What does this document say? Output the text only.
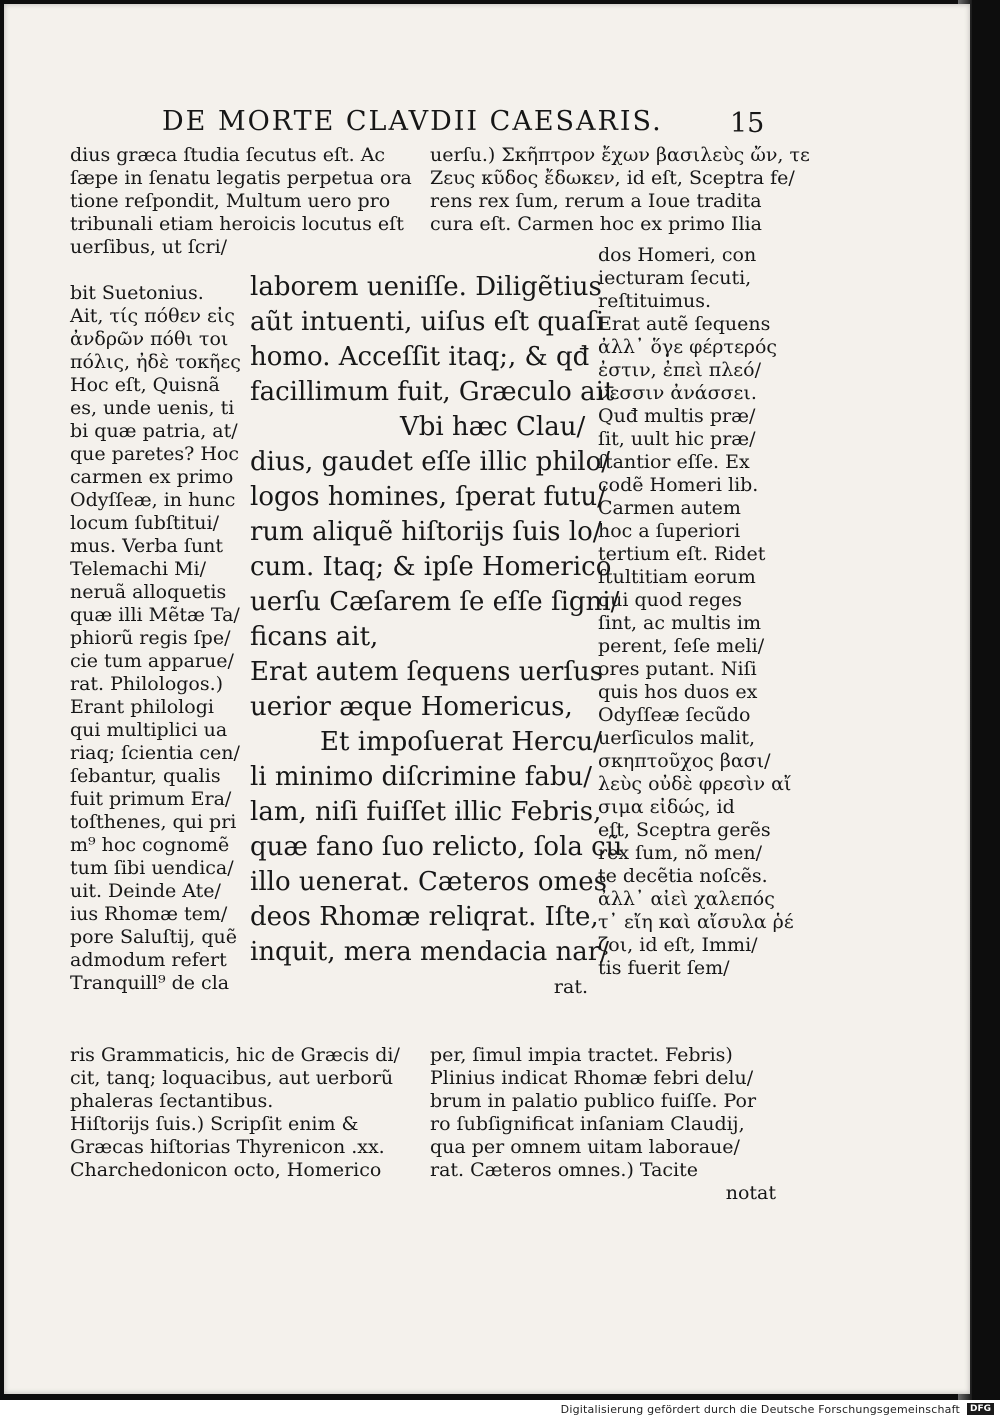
DE MORTE CLAVDII CAESARIS.	15
dius græca ſtudia ſecutus eſt. Ac
ſæpe in ſenatu legatis perpetua ora
tione reſpondit, Multum uero pro
tribunali etiam heroicis locutus eſt
uerſibus, ut ſcri/
uerſu.) Σκῆπτρον ἔχων βασιλεὺς ὤν, τε
Ζευς κῦδος ἔδωκεν, id eſt, Sceptra fe/
rens rex ſum, rerum a Ioue tradita
cura eſt. Carmen hoc ex primo Ilia
bit Suetonius.
Ait, τίς πόθεν εἰς
ἀνδρῶν πόθι τοι
πόλις, ἠδὲ τοκῆες
Hoc eſt, Quisnã
es, unde uenis, ti
bi quæ patria, at/
que paretes? Hoc
carmen ex primo
Odyſſeæ, in hunc
locum ſubſtitui/
mus. Verba ſunt
Telemachi Mi/
neruã alloquetis
quæ illi Mẽtæ Ta/
phiorũ regis ſpe/
cie tum apparue/
rat. Philologos.)
Erant philologi
qui multiplici ua
riaq; ſcientia cen/
ſebantur, qualis
fuit primum Era/
toſthenes, qui pri
m⁹ hoc cognomẽ
tum ſibi uendica/
uit. Deinde Ate/
ius Rhomæ tem/
pore Saluſtij, quẽ
admodum refert
Tranquill⁹ de cla
laborem ueniſſe. Diligẽtius
aũt intuenti, uiſus eſt quaſi
homo. Acceſſit itaq;, & qđ
facillimum fuit, Græculo ait
Vbi hæc Clau/
dius, gaudet eſſe illic philo/
logos homines, ſperat futu/
rum aliquẽ hiſtorijs ſuis lo/
cum. Itaq; & ipſe Homerico
uerſu Cæſarem ſe eſſe ſigni/
ficans ait,
Erat autem ſequens uerſus
uerior æque Homericus,
Et impoſuerat Hercu/
li minimo diſcrimine fabu/
lam, niſi fuiſſet illic Febris,
quæ fano ſuo relicto, ſola cũ
illo uenerat. Cæteros omes
deos Rhomæ reliqrat. Iſte,
inquit, mera mendacia nar/
rat.
dos Homeri, con
iecturam ſecuti,
reſtituimus.
Erat autẽ ſequens
ἀλλ᾽ ὅγε φέρτερός
ἐστιν, ἐπεὶ πλεό/
νεσσιν ἀνάσσει.
Quđ multis præ/
ſit, uult hic præ/
ſtantior eſſe. Ex
codẽ Homeri lib.
Carmen autem
hoc a ſuperiori
tertium eſt. Ridet
ſtultitiam eorum
qui quod reges
ſint, ac multis im
perent, ſeſe meli/
ores putant. Niſi
quis hos duos ex
Odyſſeæ ſecũdo
uerſiculos malit,
σκηπτοῦχος βασι/
λεὺς οὐδὲ φρεσὶν αἴ
σιμα εἰδώς, id
eſt, Sceptra gerẽs
rex ſum, nõ men/
te decẽtia noſcẽs.
ἀλλ᾽ αἰεὶ χαλεπός
τ᾽ εἴη καὶ αἴσυλα ῥέ
ζοι, id eſt, Immi/
tis fuerit ſem/
ris Grammaticis, hic de Græcis di/
cit, tanq; loquacibus, aut uerborũ
phaleras ſectantibus.
Hiſtorijs ſuis.) Scripſit enim &
Græcas hiſtorias Thyrenicon .xx.
Charchedonicon octo, Homerico
per, ſimul impia tractet. Febris)
Plinius indicat Rhomæ febri delu/
brum in palatio publico fuiſſe. Por
ro ſubſignificat inſaniam Claudij,
qua per omnem uitam laboraue/
rat. Cæteros omnes.) Tacite
notat
Digitalisierung gefördert durch die Deutsche Forschungsgemeinschaft	DFG
